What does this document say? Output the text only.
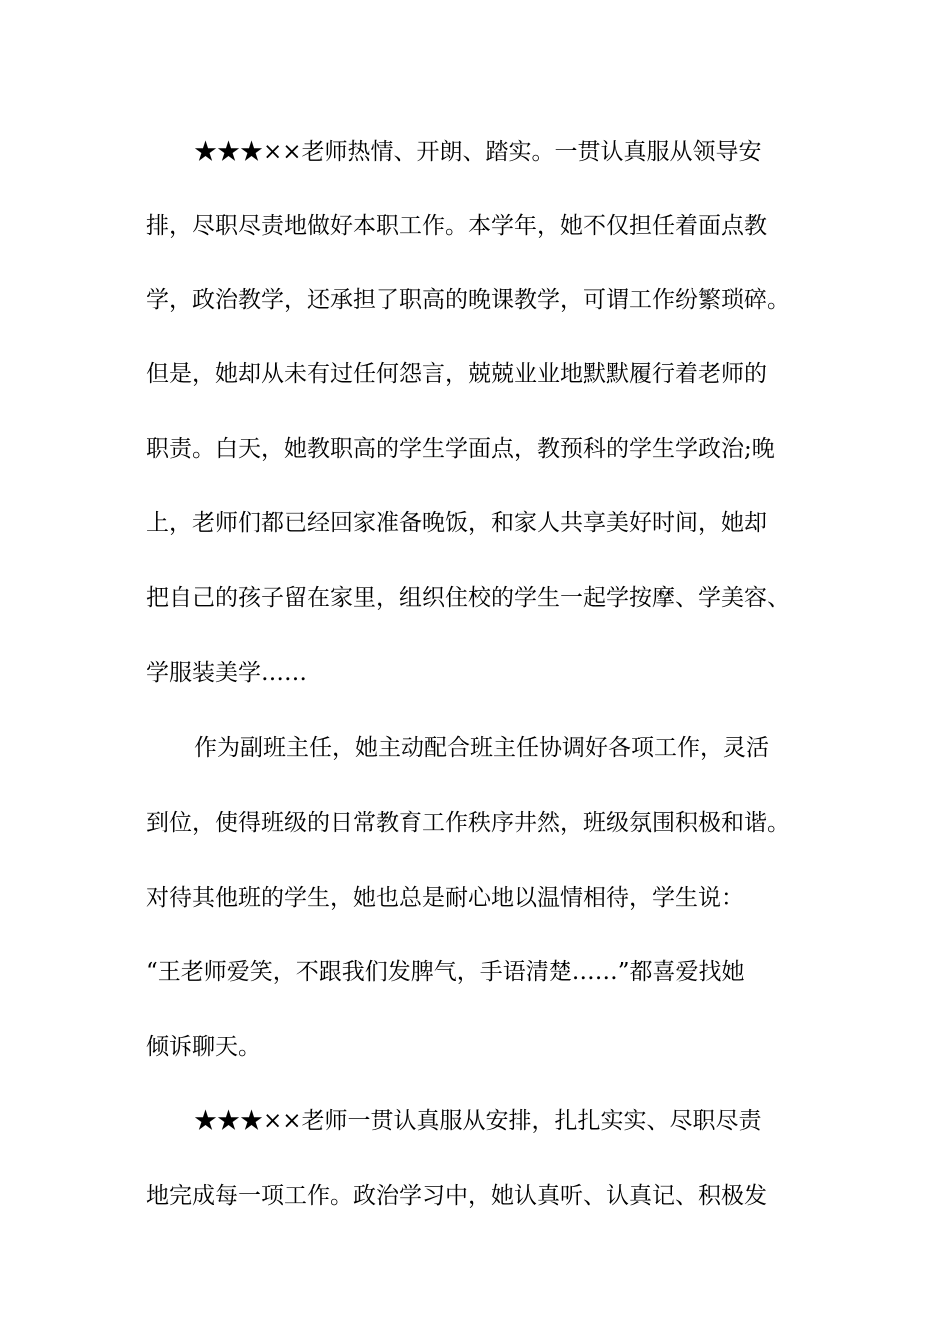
★★★××老师热情、开朗、踏实。一贯认真服从领导安
排，尽职尽责地做好本职工作。本学年，她不仅担任着面点教
学，政治教学，还承担了职高的晚课教学，可谓工作纷繁琐碎。
但是，她却从未有过任何怨言，兢兢业业地默默履行着老师的
职责。白天，她教职高的学生学面点，教预科的学生学政治;晚
上，老师们都已经回家准备晚饭，和家人共享美好时间，她却
把自己的孩子留在家里，组织住校的学生一起学按摩、学美容、
学服装美学……
作为副班主任，她主动配合班主任协调好各项工作，灵活
到位，使得班级的日常教育工作秩序井然，班级氛围积极和谐。
对待其他班的学生，她也总是耐心地以温情相待，学生说：
“王老师爱笑，不跟我们发脾气，手语清楚……”都喜爱找她
倾诉聊天。
★★★××老师一贯认真服从安排，扎扎实实、尽职尽责
地完成每一项工作。政治学习中，她认真听、认真记、积极发
